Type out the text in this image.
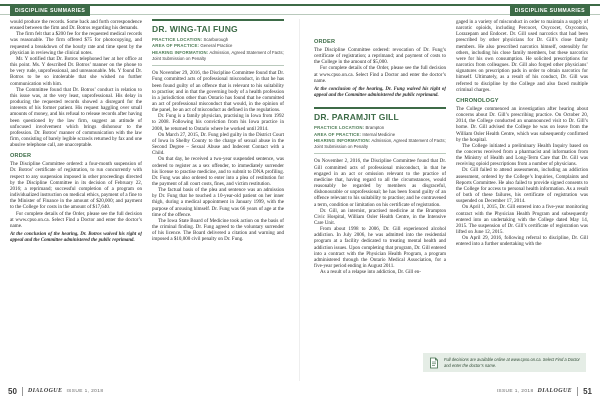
DISCIPLINE SUMMARIES	DISCIPLINE SUMMARIES

would produce the records. Some back and forth correspondence ensued between the firm and Dr. Botros regarding his demands.

The firm felt that a $200 fee for the requested medical records was reasonable. The firm offered $75 for photocopying, and requested a breakdown of the hourly rate and time spent by the physician in reviewing the clinical notes.

Mr. Y notified that Dr. Botros telephoned her at her office at this point. Ms. Y described Dr. Botros’ manner on the phone to be very rude, unprofessional, and unreasonable. Ms. Y found Dr. Botros to be so intolerable that she wished no further communication with him.

The Committee found that Dr. Botros’ conduct in relation to this issue was, at the very least, unprofessional. His delay in producing the requested records showed a disregard for the interests of his former patient. His request haggling over small amounts of money, and his refusal to release records after having been questioned by the law firm, suggest an attitude of unfocused involvement which brings dishonour to the profession. Dr. Botros’ manner of communication with the law firm, consisting of barely legible scrawls returned by fax and one abusive telephone call, are unacceptable.

ORDER

The Discipline Committee ordered: a four-month suspension of Dr. Botros’ certificate of registration, to run concurrently with respect to any suspension imposed in other proceedings directed by the Discipline Committee in its decision of February 22, 2016; a reprimand; successful completion of a program on individualized instruction on medical ethics, payment of a fine to the Minister of Finance in the amount of $20,000; and payment to the College for costs in the amount of $17,640.

For complete details of the Order, please see the full decision at www.cpso.on.ca. Select Find a Doctor and enter the doctor’s name.

At the conclusion of the hearing, Dr. Botros waived his right of appeal and the Committee administered the public reprimand.

DR. WING-TAI FUNG
PRACTICE LOCATION: Scarborough
AREA OF PRACTICE: General Practice
HEARING INFORMATION: Admission, Agreed Statement of Facts; Joint Submission on Penalty

On November 29, 2016, the Discipline Committee found that Dr. Fung committed acts of professional misconduct, in that he has been found guilty of an offence that is relevant to his suitability to practise; and in that the governing body of a health profession in a jurisdiction other than Ontario has found that he committed an act of professional misconduct that would, in the opinion of the panel, be an act of misconduct as defined in the regulations.

Dr. Fung is a family physician, practising in Iowa from 1992 to 2008. Following his conviction from his Iowa practice in 2008, he returned to Ontario where he worked until 2014.

On March 27, 2015, Dr. Fung pled guilty in the District Court of Iowa in Shelby County to the charge of sexual abuse in the Second Degree – Sexual Abuse and Indecent Contact with a Child.

On that day, he received a two-year suspended sentence, was ordered to register as a sex offender, to immediately surrender his license to practise medicine, and to submit to DNA profiling. Dr. Fung was also ordered to enter into a plea of restitution for the payment of all court costs, fines, and victim restitution.

The factual basis of the plea and sentence was an admission by Dr. Fung that he touched a 10-year-old patient on her inner thigh, during a medical appointment in January 1999, with the purpose of arousing himself. Dr. Fung was 66 years of age at the time of the offence.

The Iowa State Board of Medicine took action on the basis of the criminal finding. Dr. Fung agreed to the voluntary surrender of his licence. The Board delivered a citation and warning and imposed a $10,000 civil penalty on Dr. Fung.

ORDER

The Discipline Committee ordered: revocation of Dr. Fung’s certificate of registration; a reprimand; and payment of costs to the College in the amount of $5,000.

For complete details of the Order, please see the full decision at www.cpso.on.ca. Select Find a Doctor and enter the doctor’s name.

At the conclusion of the hearing, Dr. Fung waived his right of appeal and the Committee administered the public reprimand.

DR. PARAMJIT GILL
PRACTICE LOCATION: Brampton
AREA OF PRACTICE: Internal Medicine
HEARING INFORMATION: Admission, Agreed Statement of Facts; Joint Submission on Penalty

On November 2, 2016, the Discipline Committee found that Dr. Gill committed acts of professional misconduct, in that he engaged in an act or omission relevant to the practice of medicine that, having regard to all the circumstances, would reasonably be regarded by members as disgraceful, dishonourable or unprofessional; he has been found guilty of an offence relevant to his suitability to practise; and he contravened a term, condition or limitation on his certificate of registration.

Dr. Gill, an internist, practised medicine at the Brampton Civic Hospital, William Osler Health Centre, in the Intensive Care Unit.

From about 1998 to 2006, Dr. Gill experienced alcohol addiction. In July 2006, he was admitted into the residential program at a facility dedicated to treating mental health and addiction issues. Upon completing that program, Dr. Gill entered into a contract with the Physician Health Program, a program administered through the Ontario Medical Association, for a five-year period ending in August 2011.

As a result of a relapse into addiction, Dr. Gill en-

gaged in a variety of misconduct in order to maintain a supply of narcotic opioids, including Percocet, Oxycocet, Oxycontin, Lorazepam and Endocet. Dr. Gill used narcotics that had been prescribed by other physicians for Dr. Gill’s close family members. He also prescribed narcotics himself, ostensibly for others, including his close family members, but these narcotics were for his own consumption. He solicited prescriptions for narcotics from colleagues. Dr. Gill also forged other physicians’ signatures on prescription pads in order to obtain narcotics for himself. Ultimately, as a result of his conduct, Dr. Gill was referred to discipline by the College and also faced multiple criminal charges.

CHRONOLOGY

The College commenced an investigation after hearing about concerns about Dr. Gill’s prescribing practice. On October 20, 2014, the College conducted an unannounced visit to Dr. Gill’s home. Dr. Gill advised the College he was on leave from the William Osler Health Centre, which was subsequently confirmed by the hospital.

The College initiated a preliminary Health Inquiry based on the concerns received from a pharmacist and information from the Ministry of Health and Long-Term Care that Dr. Gill was receiving opioid prescriptions from a number of physicians.

Dr. Gill failed to attend assessments, including an addiction assessment, ordered by the College’s Inquiries, Complaints and Reports Committee. He also failed to provide signed consents to the College for access to personal health information. As a result of both of these failures, his certificate of registration was suspended on December 17, 2014.

On April 1, 2015, Dr. Gill entered into a five-year monitoring contract with the Physician Health Program and subsequently entered into an undertaking with the College dated May 14, 2015. The suspension of Dr. Gill’s certificate of registration was lifted on June 12, 2015.

On April 29, 2016, following referral to discipline, Dr. Gill entered into a further undertaking with the

Full decisions are available online at www.cpso.on.ca. Select Find a Doctor and enter the doctor’s name.
50 DIALOGUE ISSUE 1, 2018	ISSUE 1, 2018 DIALOGUE 51
